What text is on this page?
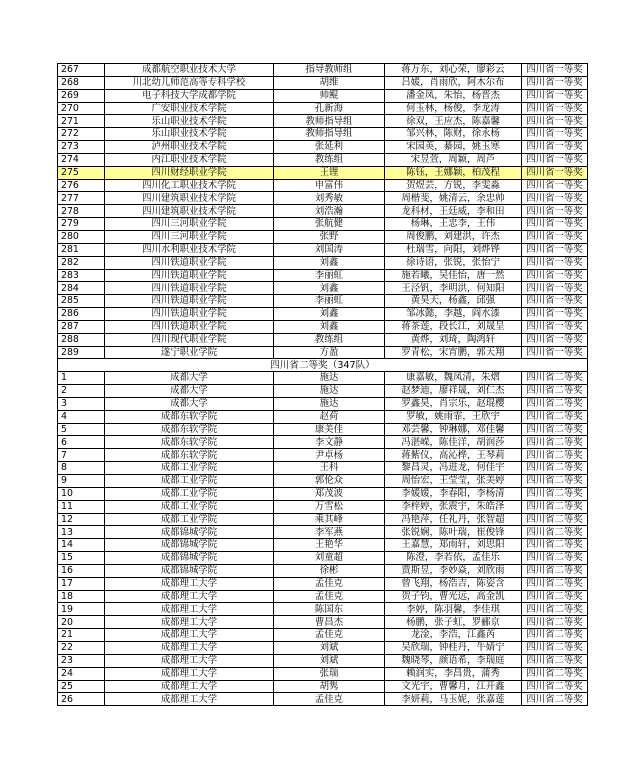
267	成都航空职业技术大学	指导教师组	蒋万东，刘心荣，廖彩云	四川省一等奖
268	川北幼儿师范高等专科学校	胡维	吕媛，肖雨欣，阿木尔布	四川省一等奖
269	电子科技大学成都学院	帅鲲	潘金凤，朱怡，杨晋杰	四川省一等奖
270	广安职业技术学院	孔新海	何玉林，杨俊，李龙涛	四川省一等奖
271	乐山职业技术学院	教师指导组	徐双，王应杰，陈嘉馨	四川省一等奖
272	乐山职业技术学院	教师指导组	邹兴林，陈财，徐永杨	四川省一等奖
273	泸州职业技术学院	张延利	宋园英，綦园，姚玉寒	四川省一等奖
274	内江职业技术学院	教练组	宋昱萱，周颖，周芦	四川省一等奖
275	四川财经职业学院	王锂	陈钰，王娜颖，柏茂程	四川省一等奖
276	四川化工职业技术学院	申富伟	贺煜芸，方锐，李雯淼	四川省一等奖
277	四川建筑职业技术学院	刘秀敏	周楷斐，姚清云，余忠帅	四川省一等奖
278	四川建筑职业技术学院	刘浩瀚	龙科材，王廷威，李和田	四川省一等奖
279	四川三河职业学院	张航健	杨琳，王忠李，王伟	四川省一等奖
280	四川三河职业学院	张野	周俊鹏，刘建洪，许杰	四川省一等奖
281	四川水利职业技术学院	刘国涛	杜瑞雪，向阳，刘烨铧	四川省一等奖
282	四川铁道职业学院	刘鑫	徐诗语，张锐，张怡宁	四川省一等奖
283	四川铁道职业学院	李丽虹	施若曦，吴佳怡，唐一然	四川省一等奖
284	四川铁道职业学院	刘鑫	王泾钒，李明洪，何知阳	四川省一等奖
285	四川铁道职业学院	李丽虹	黄昊天，杨鑫，邱强	四川省一等奖
286	四川铁道职业学院	刘鑫	邹冰懿，李越，阎水漆	四川省一等奖
287	四川铁道职业学院	刘鑫	蒋茶莲，段长江，刘晟呈	四川省一等奖
288	四川现代职业学院	教练组	黄烨，刘琦，陶鸿轩	四川省一等奖
289	遂宁职业学院	方盈	罗青松，宋宵鹏，郭天翔	四川省一等奖
四川省二等奖（347队）				
1	成都大学	施达	康嘉敏，魏凤清，朱熠	四川省二等奖
2	成都大学	施达	赵梦迪，廖祥晟，刘仁杰	四川省二等奖
3	成都大学	施达	罗鑫昊，肖宗乐，赵琨樱	四川省二等奖
4	成都东软学院	赵荷	罗敏，姚雨霏，王欣宇	四川省二等奖
5	成都东软学院	康美佳	邓芸馨，钟琳娜，邓佳馨	四川省二等奖
6	成都东软学院	李文静	冯湛嵘，陈佳洋，胡润莎	四川省二等奖
7	成都东软学院	尹卓杨	蒋紫仪，高沁桦，王琴莉	四川省二等奖
8	成都工业学院	王科	黎昌灵，冯进龙，何佳宇	四川省二等奖
9	成都工业学院	郭伦众	周怡宏，王莹莹，张美婷	四川省二等奖
10	成都工业学院	郑茂波	李媛媛，李春阳，李杨清	四川省二等奖
11	成都工业学院	万雪松	李梓婷，张震宇，朱皓泽	四川省二等奖
12	成都工业学院	乘其峰	冯艳萍，任礼丹，张智超	四川省二等奖
13	成都锦城学院	李军燕	张锐娴，陈叶瑞，崔俊锋	四川省二等奖
14	成都锦城学院	王艳华	王嘉慧，郑雨轩，刘思阳	四川省二等奖
15	成都锦城学院	刘童超	陈澄，李若依，孟佳乐	四川省二等奖
16	成都锦城学院	徐彬	贾斯昱，李妙焱，刘欣雨	四川省二等奖
17	成都理工大学	孟佳克	曾飞翔，杨浩吉，陈姿含	四川省二等奖
18	成都理工大学	孟佳克	贺子钧，曹光远，高金凯	四川省二等奖
19	成都理工大学	陈国东	李婷，陈羽馨，李佳琪	四川省二等奖
20	成都理工大学	曹昌杰	杨鹏，张子虹，罗郦京	四川省二等奖
21	成都理工大学	孟佳克	龙淦，李浩，江鑫芮	四川省二等奖
22	成都理工大学	刘斌	吴欣瑞，钟桂丹，牛婧宁	四川省二等奖
23	成都理工大学	刘斌	魏晓琴，颜语希，李瑞庭	四川省二等奖
24	成都理工大学	张瑞	赖润实，李昌贵，蒲秀	四川省二等奖
25	成都理工大学	胡隽	文光宇，曹馨月，江开鑫	四川省二等奖
26	成都理工大学	孟佳克	李妍莉，马玉妮，张嘉莲	四川省二等奖
